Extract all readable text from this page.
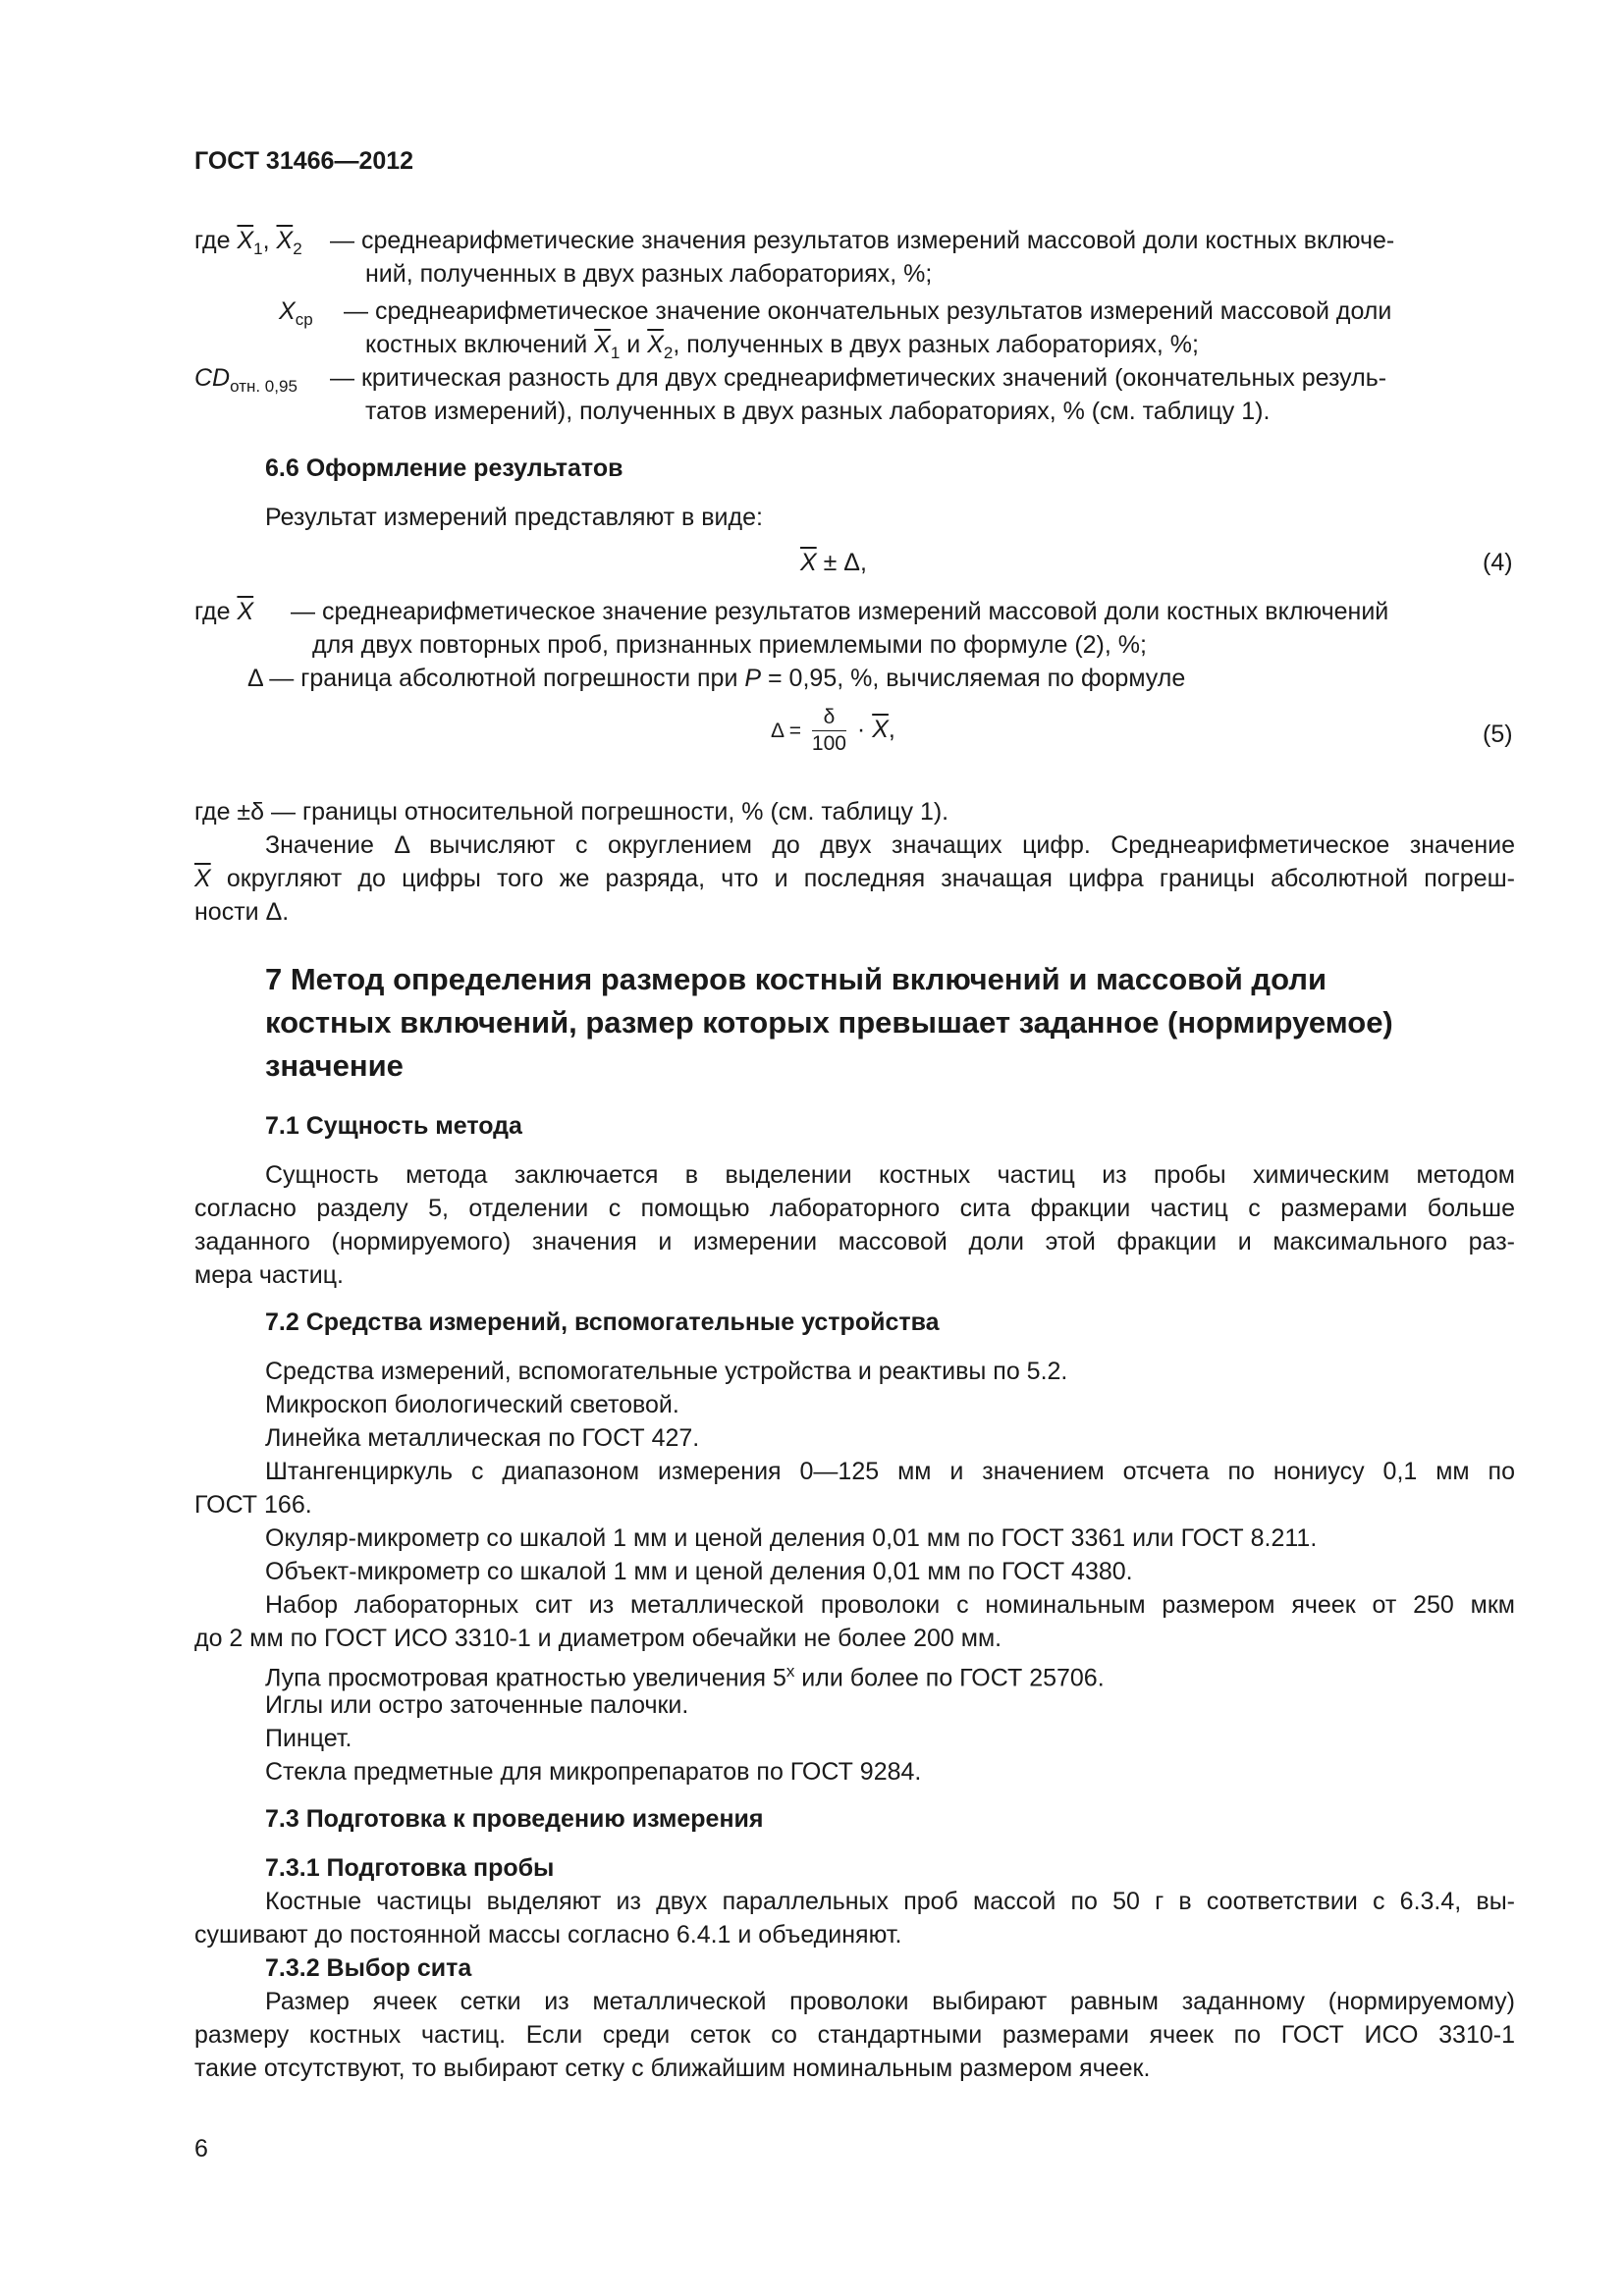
ГОСТ 31466—2012
где $\overline{X}_1$, $\overline{X}_2$ — среднеарифметические значения результатов измерений массовой доли костных включе-
ний, полученных в двух разных лабораториях, %;
$X_{ср}$ — среднеарифметическое значение окончательных результатов измерений массовой доли
костных включений $\overline{X}_1$ и $\overline{X}_2$, полученных в двух разных лабораториях, %;
$CD_{отн. 0,95}$ — критическая разность для двух среднеарифметических значений (окончательных резуль-
татов измерений), полученных в двух разных лабораториях, % (см. таблицу 1).
6.6 Оформление результатов
Результат измерений представляют в виде:
$\overline{X} \pm \Delta$,	(4)
где $\overline{X}$ — среднеарифметическое значение результатов измерений массовой доли костных включений
для двух повторных проб, признанных приемлемыми по формуле (2), %;
Δ — граница абсолютной погрешности при P = 0,95, %, вычисляемая по формуле
$\Delta = \frac{\delta}{100} \cdot \overline{X}$,	(5)
где ±δ — границы относительной погрешности, % (см. таблицу 1).
Значение Δ вычисляют с округлением до двух значащих цифр. Среднеарифметическое значение
$\overline{X}$ округляют до цифры того же разряда, что и последняя значащая цифра границы абсолютной погреш-
ности Δ.
7 Метод определения размеров костный включений и массовой доли
костных включений, размер которых превышает заданное (нормируемое)
значение
7.1 Сущность метода
Сущность метода заключается в выделении костных частиц из пробы химическим методом
согласно разделу 5, отделении с помощью лабораторного сита фракции частиц с размерами больше
заданного (нормируемого) значения и измерении массовой доли этой фракции и максимального раз-
мера частиц.
7.2 Средства измерений, вспомогательные устройства
Средства измерений, вспомогательные устройства и реактивы по 5.2.
Микроскоп биологический световой.
Линейка металлическая по ГОСТ 427.
Штангенциркуль с диапазоном измерения 0—125 мм и значением отсчета по нониусу 0,1 мм по
ГОСТ 166.
Окуляр-микрометр со шкалой 1 мм и ценой деления 0,01 мм по ГОСТ 3361 или ГОСТ 8.211.
Объект-микрометр со шкалой 1 мм и ценой деления 0,01 мм по ГОСТ 4380.
Набор лабораторных сит из металлической проволоки с номинальным размером ячеек от 250 мкм
до 2 мм по ГОСТ ИСО 3310-1 и диаметром обечайки не более 200 мм.
Лупа просмотровая кратностью увеличения 5$^x$ или более по ГОСТ 25706.
Иглы или остро заточенные палочки.
Пинцет.
Стекла предметные для микропрепаратов по ГОСТ 9284.
7.3 Подготовка к проведению измерения
7.3.1 Подготовка пробы
Костные частицы выделяют из двух параллельных проб массой по 50 г в соответствии с 6.3.4, вы-
сушивают до постоянной массы согласно 6.4.1 и объединяют.
7.3.2 Выбор сита
Размер ячеек сетки из металлической проволоки выбирают равным заданному (нормируемому)
размеру костных частиц. Если среди сеток со стандартными размерами ячеек по ГОСТ ИСО 3310-1
такие отсутствуют, то выбирают сетку с ближайшим номинальным размером ячеек.
6
